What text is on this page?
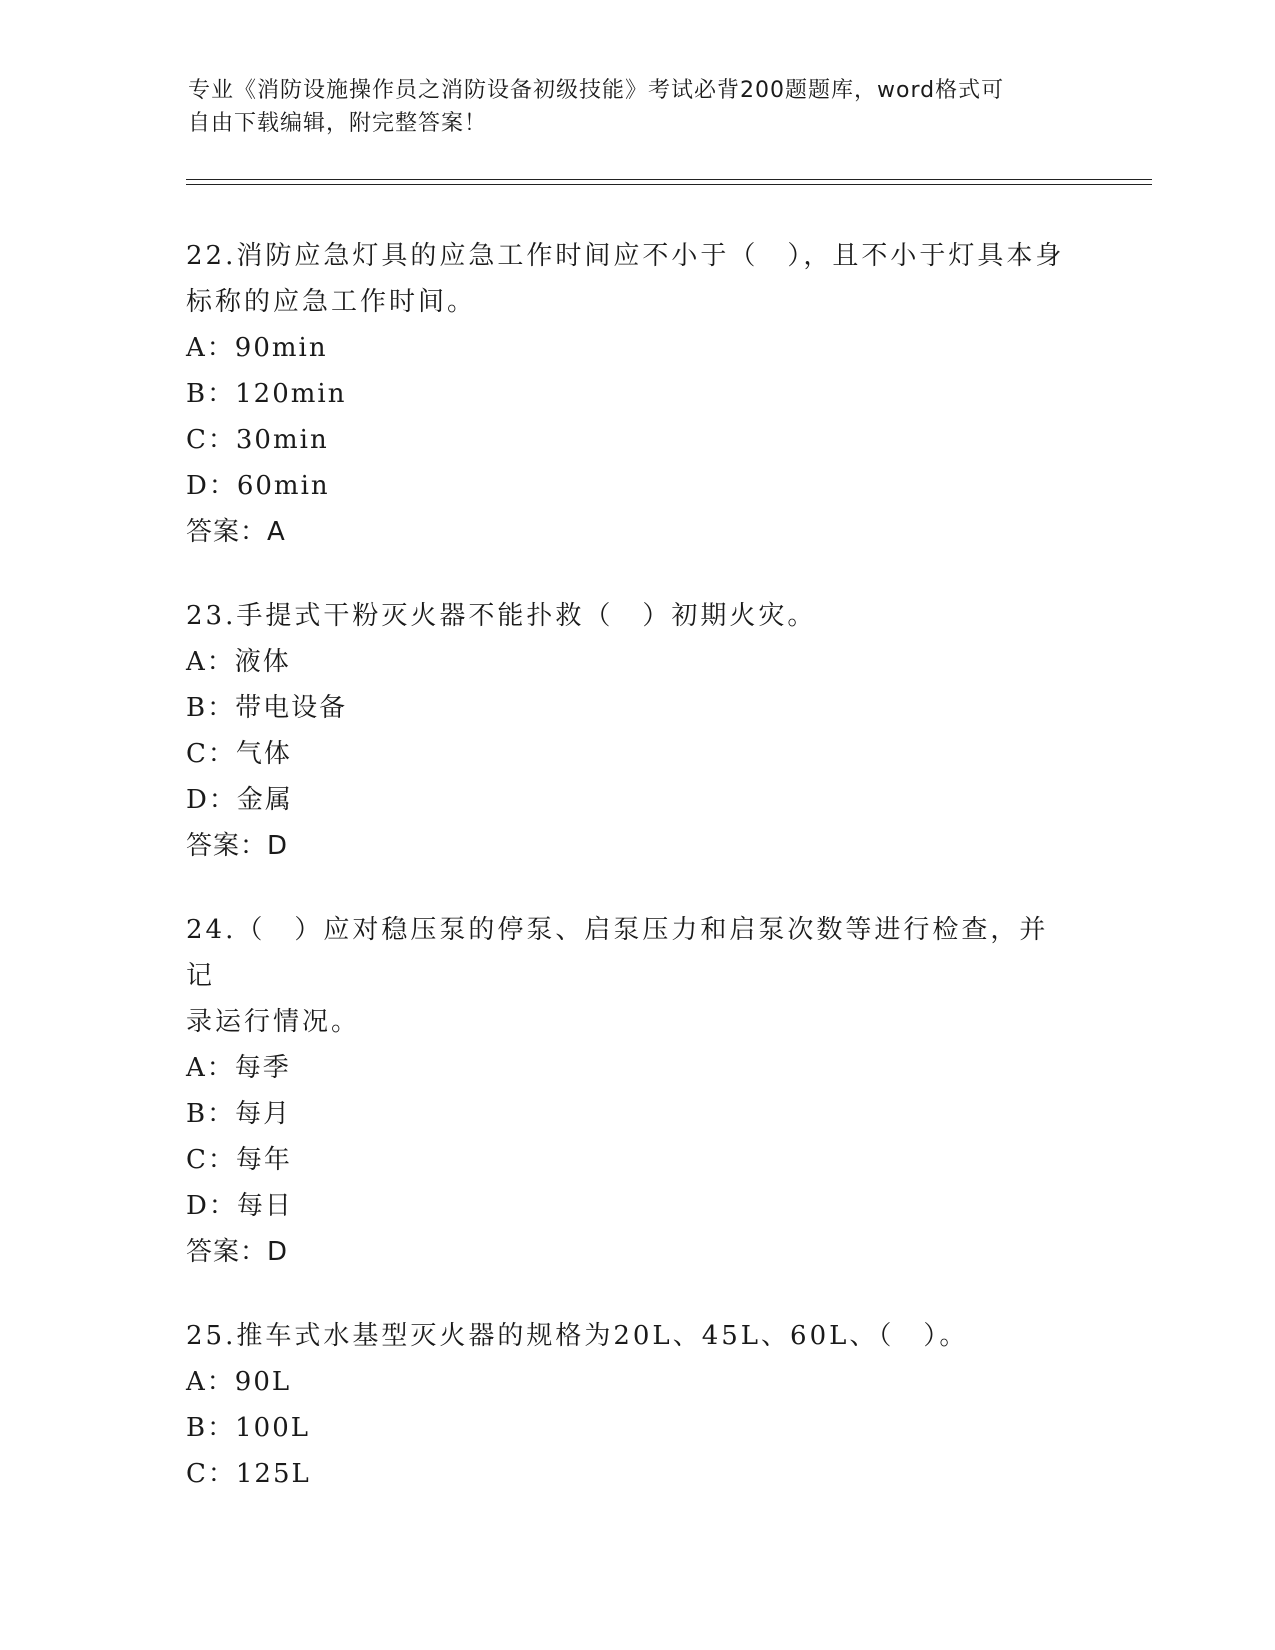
专业《消防设施操作员之消防设备初级技能》考试必背200题题库，word格式可
自由下载编辑，附完整答案！

22.消防应急灯具的应急工作时间应不小于（　），且不小于灯具本身

标称的应急工作时间。

A：90min

B：120min

C：30min

D：60min

答案：A

23.手提式干粉灭火器不能扑救（　）初期火灾。

A：液体

B：带电设备

C：气体

D：金属

答案：D

24.（　）应对稳压泵的停泵、启泵压力和启泵次数等进行检查，并记

录运行情况。

A：每季

B：每月

C：每年

D：每日

答案：D

25.推车式水基型灭火器的规格为20L、45L、60L、（　）。

A：90L

B：100L

C：125L
